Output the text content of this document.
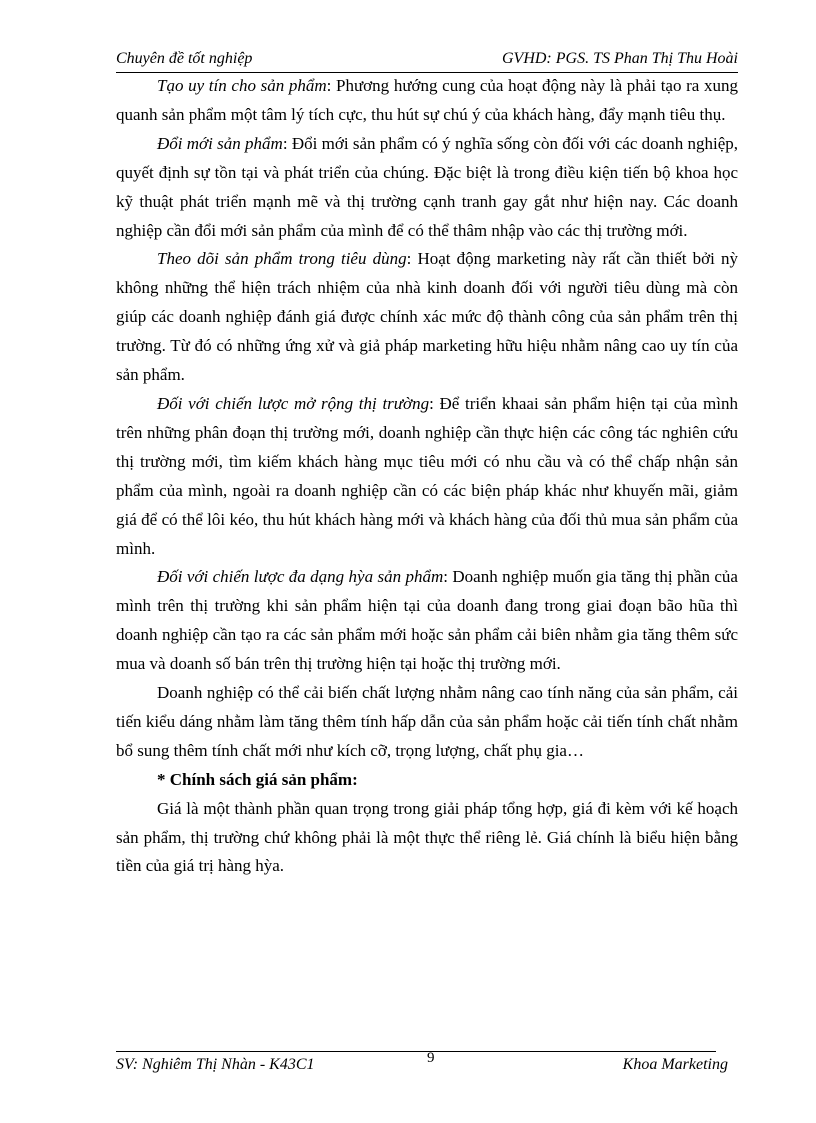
Chuyên đề tốt nghiệp	GVHD: PGS. TS Phan Thị Thu Hoài

Tạo uy tín cho sản phẩm: Phương hướng cung của hoạt động này là phải tạo ra xung quanh sản phẩm một tâm lý tích cực, thu hút sự chú ý của khách hàng, đẩy mạnh tiêu thụ.

Đổi mới sản phẩm: Đổi mới sản phẩm có ý nghĩa sống còn đối với các doanh nghiệp, quyết định sự tồn tại và phát triển của chúng. Đặc biệt là trong điều kiện tiến bộ khoa học kỹ thuật phát triển mạnh mẽ và thị trường cạnh tranh gay gắt như hiện nay. Các doanh nghiệp cần đổi mới sản phẩm của mình để có thể thâm nhập vào các thị trường mới.

Theo dõi sản phẩm trong tiêu dùng: Hoạt động marketing này rất cần thiết bởi nỳ không những thể hiện trách nhiệm của nhà kinh doanh đối với người tiêu dùng mà còn giúp các doanh nghiệp đánh giá được chính xác mức độ thành công của sản phẩm trên thị trường. Từ đó có những ứng xử và giả pháp marketing hữu hiệu nhằm nâng cao uy tín của sản phẩm.

Đối với chiến lược mở rộng thị trường: Để triển khaai sản phẩm hiện tại của mình trên những phân đoạn thị trường mới, doanh nghiệp cần thực hiện các công tác nghiên cứu thị trường mới, tìm kiếm khách hàng mục tiêu mới có nhu cầu và có thể chấp nhận sản phẩm của mình, ngoài ra doanh nghiệp cần có các biện pháp khác như khuyến mãi, giảm giá để có thể lôi kéo, thu hút khách hàng mới và khách hàng của đối thủ mua sản phẩm của mình.

Đối với chiến lược đa dạng hỳa sản phẩm: Doanh nghiệp muốn gia tăng thị phần của mình trên thị trường khi sản phẩm hiện tại của doanh đang trong giai đoạn bão hũa thì doanh nghiệp cần tạo ra các sản phẩm mới hoặc sản phẩm cải biên nhằm gia tăng thêm sức mua và doanh số bán trên thị trường hiện tại hoặc thị trường mới.

Doanh nghiệp có thể cải biến chất lượng nhằm nâng cao tính năng của sản phẩm, cải tiến kiểu dáng nhằm làm tăng thêm tính hấp dẫn của sản phẩm hoặc cải tiến tính chất nhằm bổ sung thêm tính chất mới như kích cỡ, trọng lượng, chất phụ gia…

* Chính sách giá sản phẩm:

Giá là một thành phần quan trọng trong giải pháp tổng hợp, giá đi kèm với kế hoạch sản phẩm, thị trường chứ không phải là một thực thể riêng lẻ. Giá chính là biểu hiện bằng tiền của giá trị hàng hỳa.

SV: Nghiêm Thị Nhàn - K43C1	9	Khoa Marketing
